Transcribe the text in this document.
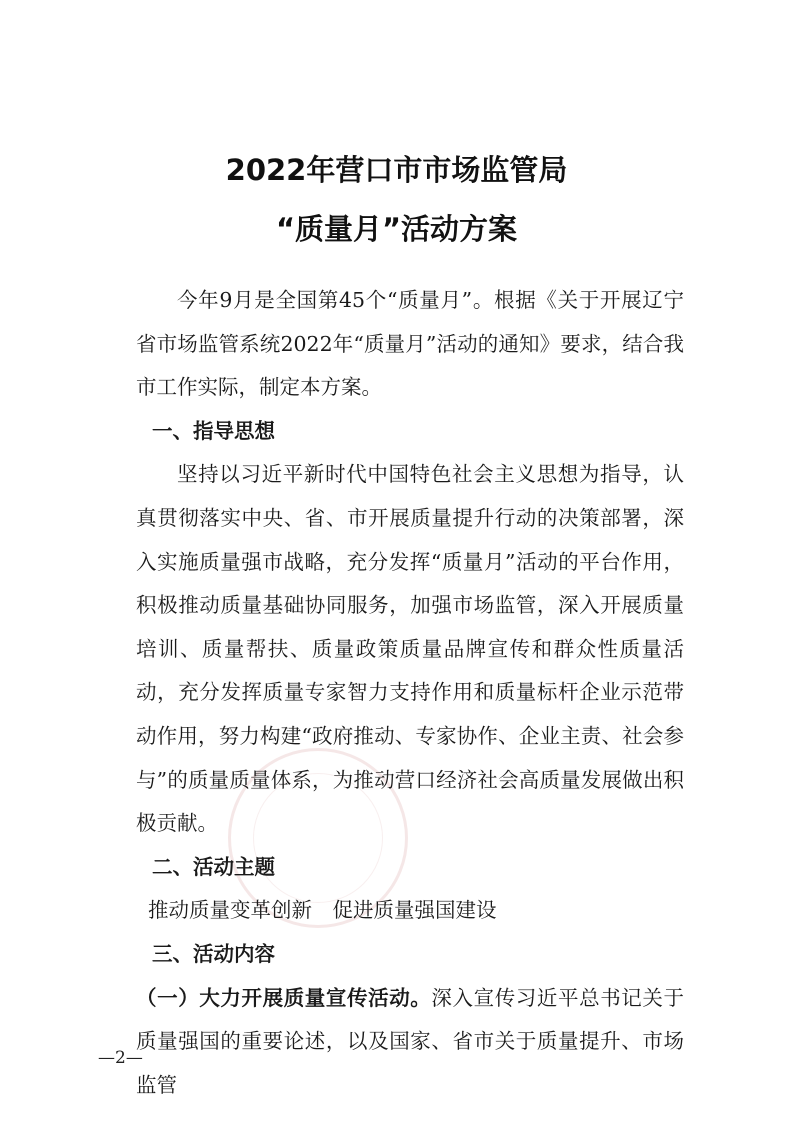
2022年营口市市场监管局
“质量月”活动方案

今年9月是全国第45个“质量月”。根据《关于开展辽宁省市场监管系统2022年“质量月”活动的通知》要求，结合我市工作实际，制定本方案。

一、指导思想

坚持以习近平新时代中国特色社会主义思想为指导，认真贯彻落实中央、省、市开展质量提升行动的决策部署，深入实施质量强市战略，充分发挥“质量月”活动的平台作用，积极推动质量基础协同服务，加强市场监管，深入开展质量培训、质量帮扶、质量政策质量品牌宣传和群众性质量活动，充分发挥质量专家智力支持作用和质量标杆企业示范带动作用，努力构建“政府推动、专家协作、企业主责、社会参与”的质量质量体系，为推动营口经济社会高质量发展做出积极贡献。

二、活动主题

推动质量变革创新　促进质量强国建设

三、活动内容

（一）大力开展质量宣传活动。深入宣传习近平总书记关于质量强国的重要论述，以及国家、省市关于质量提升、市场监管

—2—
